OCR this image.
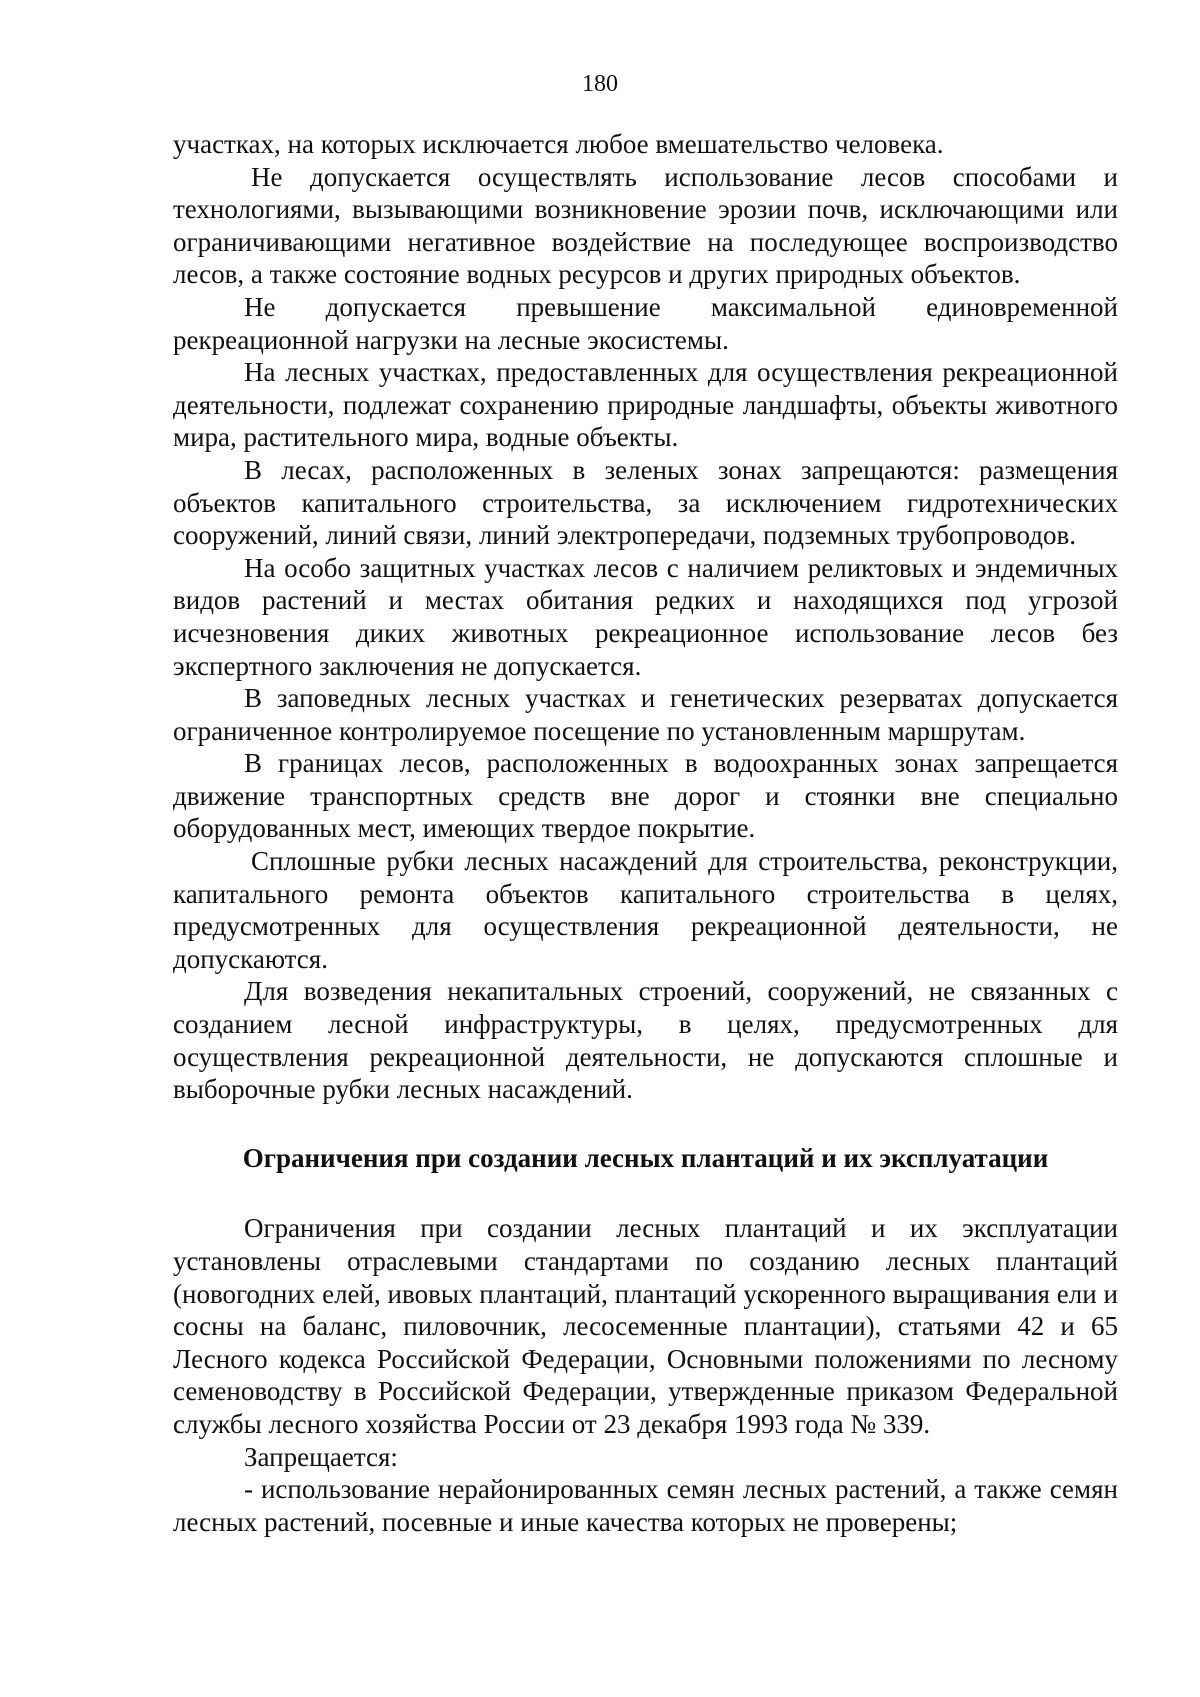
180

участках, на которых исключается любое вмешательство человека.

Не допускается осуществлять использование лесов способами и технологиями, вызывающими возникновение эрозии почв, исключающими или ограничивающими негативное воздействие на последующее воспроизводство лесов, а также состояние водных ресурсов и других природных объектов.

Не допускается превышение максимальной единовременной рекреационной нагрузки на лесные экосистемы.

На лесных участках, предоставленных для осуществления рекреационной деятельности, подлежат сохранению природные ландшафты, объекты животного мира, растительного мира, водные объекты.

В лесах, расположенных в зеленых зонах запрещаются: размещения объектов капитального строительства, за исключением гидротехнических сооружений, линий связи, линий электропередачи, подземных трубопроводов.

На особо защитных участках лесов с наличием реликтовых и эндемичных видов растений и местах обитания редких и находящихся под угрозой исчезновения диких животных рекреационное использование лесов без экспертного заключения не допускается.

В заповедных лесных участках и генетических резерватах допускается ограниченное контролируемое посещение по установленным маршрутам.

В границах лесов, расположенных в водоохранных зонах запрещается движение транспортных средств вне дорог и стоянки вне специально оборудованных мест, имеющих твердое покрытие.

Сплошные рубки лесных насаждений для строительства, реконструкции, капитального ремонта объектов капитального строительства в целях, предусмотренных для осуществления рекреационной деятельности, не допускаются.

Для возведения некапитальных строений, сооружений, не связанных с созданием лесной инфраструктуры, в целях, предусмотренных для осуществления рекреационной деятельности, не допускаются сплошные и выборочные рубки лесных насаждений.

Ограничения при создании лесных плантаций и их эксплуатации

Ограничения при создании лесных плантаций и их эксплуатации установлены отраслевыми стандартами по созданию лесных плантаций (новогодних елей, ивовых плантаций, плантаций ускоренного выращивания ели и сосны на баланс, пиловочник, лесосеменные плантации), статьями 42 и 65 Лесного кодекса Российской Федерации, Основными положениями по лесному семеноводству в Российской Федерации, утвержденные приказом Федеральной службы лесного хозяйства России от 23 декабря 1993 года № 339.

Запрещается:

- использование нерайонированных семян лесных растений, а также семян лесных растений, посевные и иные качества которых не проверены;
